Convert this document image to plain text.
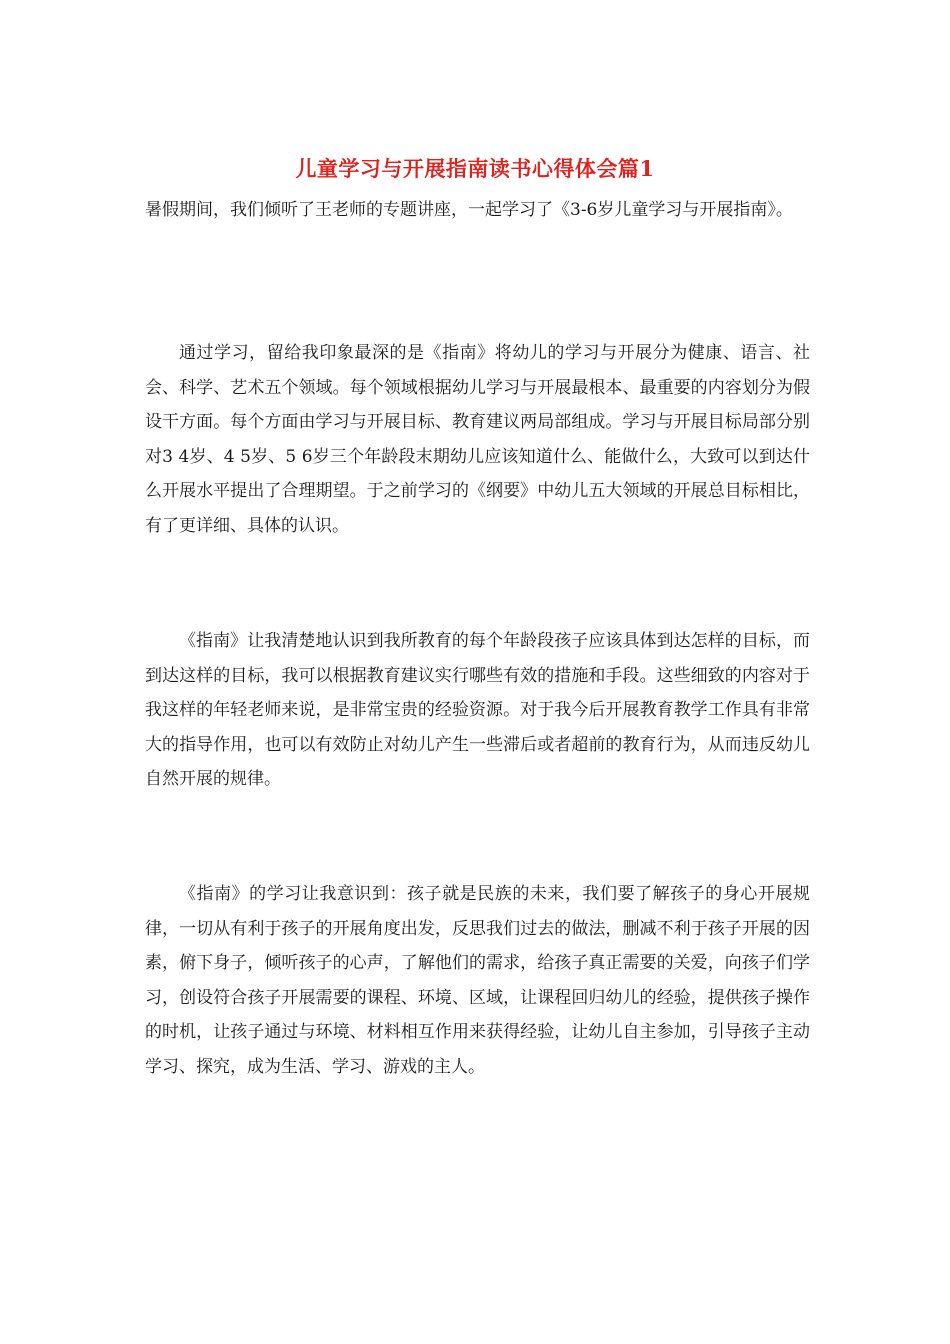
儿童学习与开展指南读书心得体会篇1

暑假期间，我们倾听了王老师的专题讲座，一起学习了《3-6岁儿童学习与开展指南》。

通过学习，留给我印象最深的是《指南》将幼儿的学习与开展分为健康、语言、社会、科学、艺术五个领域。每个领域根据幼儿学习与开展最根本、最重要的内容划分为假设干方面。每个方面由学习与开展目标、教育建议两局部组成。学习与开展目标局部分别对3 4岁、4 5岁、5 6岁三个年龄段末期幼儿应该知道什么、能做什么，大致可以到达什么开展水平提出了合理期望。于之前学习的《纲要》中幼儿五大领域的开展总目标相比，有了更详细、具体的认识。

《指南》让我清楚地认识到我所教育的每个年龄段孩子应该具体到达怎样的目标，而到达这样的目标，我可以根据教育建议实行哪些有效的措施和手段。这些细致的内容对于我这样的年轻老师来说，是非常宝贵的经验资源。对于我今后开展教育教学工作具有非常大的指导作用，也可以有效防止对幼儿产生一些滞后或者超前的教育行为，从而违反幼儿自然开展的规律。

《指南》的学习让我意识到：孩子就是民族的未来，我们要了解孩子的身心开展规律，一切从有利于孩子的开展角度出发，反思我们过去的做法，删减不利于孩子开展的因素，俯下身子，倾听孩子的心声，了解他们的需求，给孩子真正需要的关爱，向孩子们学习，创设符合孩子开展需要的课程、环境、区域，让课程回归幼儿的经验，提供孩子操作的时机，让孩子通过与环境、材料相互作用来获得经验，让幼儿自主参加，引导孩子主动学习、探究，成为生活、学习、游戏的主人。
